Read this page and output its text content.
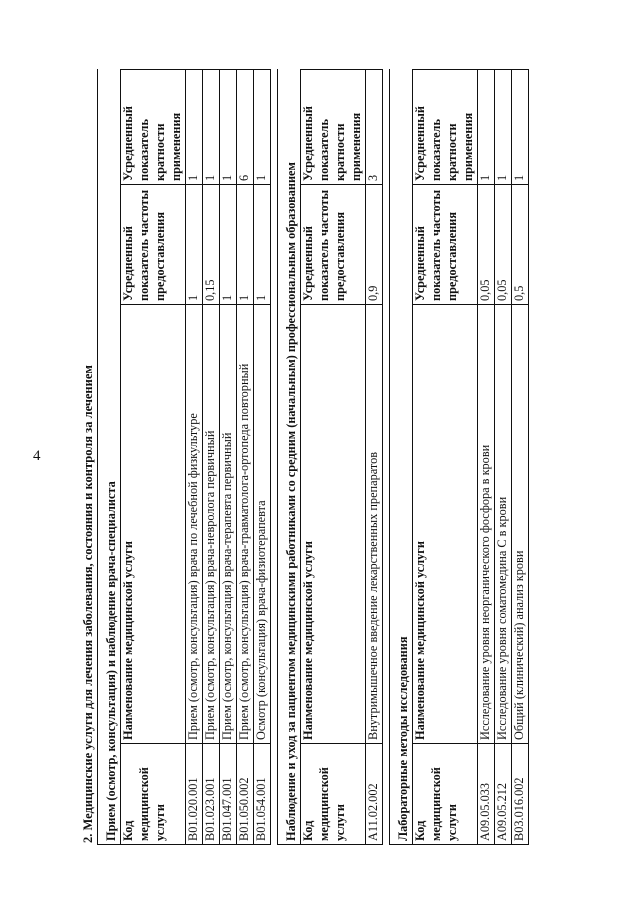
4	2. Медицинские услуги для лечения заболевания, состояния и контроля за лечением Прием (осмотр, консультация) и наблюдение врача-специалиста			
Код медицинской услуги	Наименование медицинской услуги	Усредненный показатель частоты предоставления	Усредненный показатель кратности применения
B01.020.001	Прием (осмотр, консультация) врача по лечебной физкультуре	1	1
B01.023.001	Прием (осмотр, консультация) врача-невролога первичный	0,15	1
B01.047.001	Прием (осмотр, консультация) врача-терапевта первичный	1	1
B01.050.002	Прием (осмотр, консультация) врача-травматолога-ортопеда повторный	1	6
B01.054.001	Осмотр (консультация) врача-физиотерапевта	1	1

Наблюдение и уход за пациентом медицинскими работниками со средним (начальным) профессиональным образованием			
Код медицинской услуги	Наименование медицинской услуги	Усредненный показатель частоты предоставления	Усредненный показатель кратности применения
A11.02.002	Внутримышечное введение лекарственных препаратов	0,9	3

Лабораторные методы исследования			
Код медицинской услуги	Наименование медицинской услуги	Усредненный показатель частоты предоставления	Усредненный показатель кратности применения
A09.05.033	Исследование уровня неорганического фосфора в крови	0,05	1
A09.05.212	Исследование уровня соматомедина C в крови	0,05	1
B03.016.002	Общий (клинический) анализ крови	0,5	1
